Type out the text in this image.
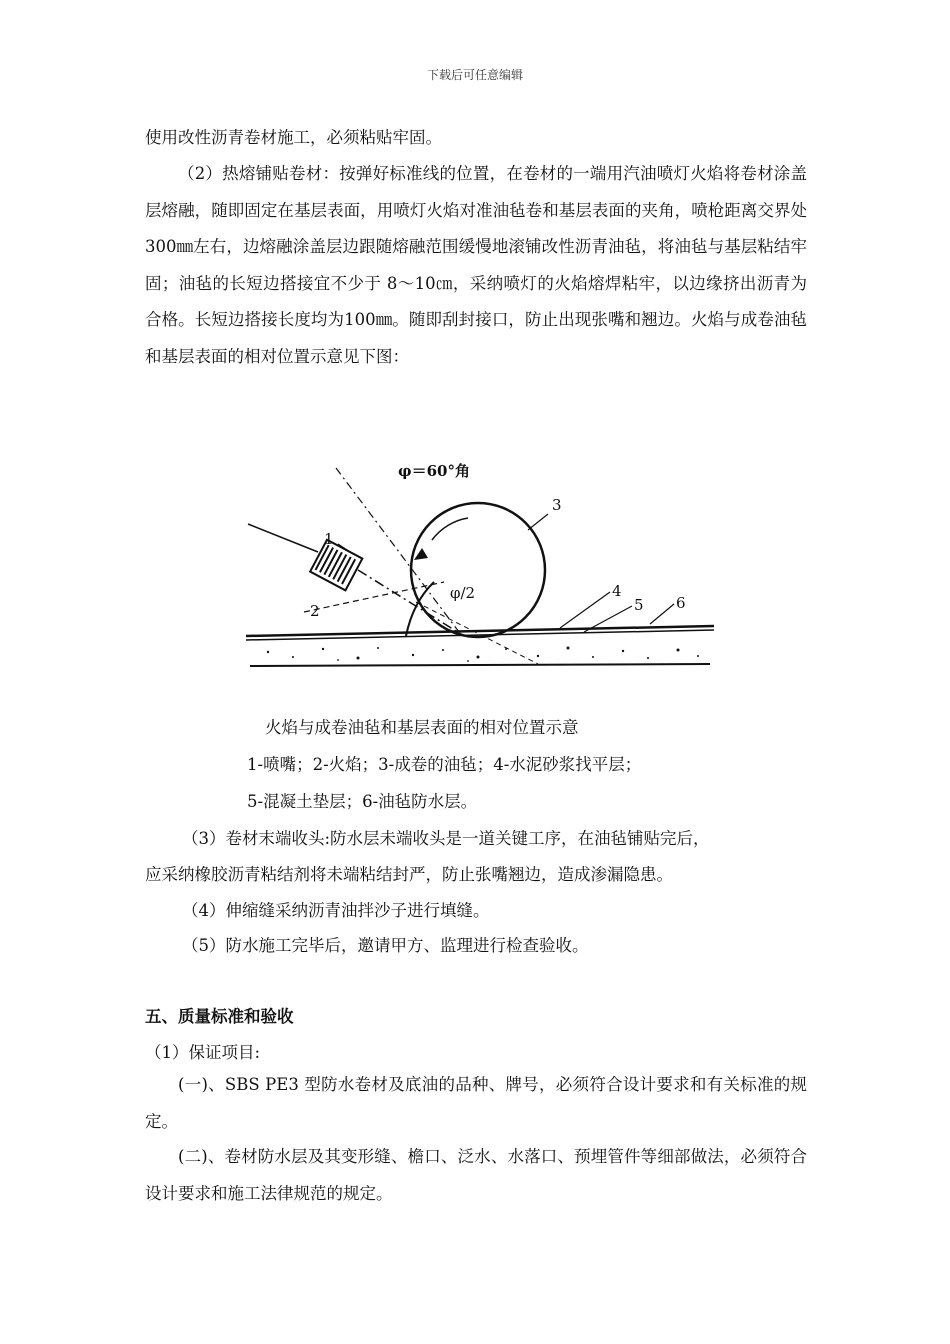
下载后可任意编辑
使用改性沥青卷材施工，必须粘贴牢固。
（2）热熔铺贴卷材：按弹好标准线的位置，在卷材的一端用汽油喷灯火焰将卷材涂盖层熔融，随即固定在基层表面，用喷灯火焰对准油毡卷和基层表面的夹角，喷枪距离交界处300㎜左右，边熔融涂盖层边跟随熔融范围缓慢地滚铺改性沥青油毡，将油毡与基层粘结牢固；油毡的长短边搭接宜不少于 8～10㎝，采纳喷灯的火焰熔焊粘牢，以边缘挤出沥青为合格。长短边搭接长度均为100㎜。随即刮封接口，防止出现张嘴和翘边。火焰与成卷油毡和基层表面的相对位置示意见下图：
φ＝60°角
φ/2
1
2
3
4
5 6
火焰与成卷油毡和基层表面的相对位置示意
1-喷嘴；2-火焰；3-成卷的油毡；4-水泥砂浆找平层；
5-混凝土垫层；6-油毡防水层。
（3）卷材末端收头:防水层未端收头是一道关键工序，在油毡铺贴完后，
应采纳橡胶沥青粘结剂将未端粘结封严，防止张嘴翘边，造成渗漏隐患。
（4）伸缩缝采纳沥青油拌沙子进行填缝。
（5）防水施工完毕后，邀请甲方、监理进行检查验收。
五、质量标准和验收
（1）保证项目:
(一)、SBS PE3 型防水卷材及底油的品种、牌号，必须符合设计要求和有关标准的规定。
(二)、卷材防水层及其变形缝、檐口、泛水、水落口、预埋管件等细部做法，必须符合设计要求和施工法律规范的规定。
